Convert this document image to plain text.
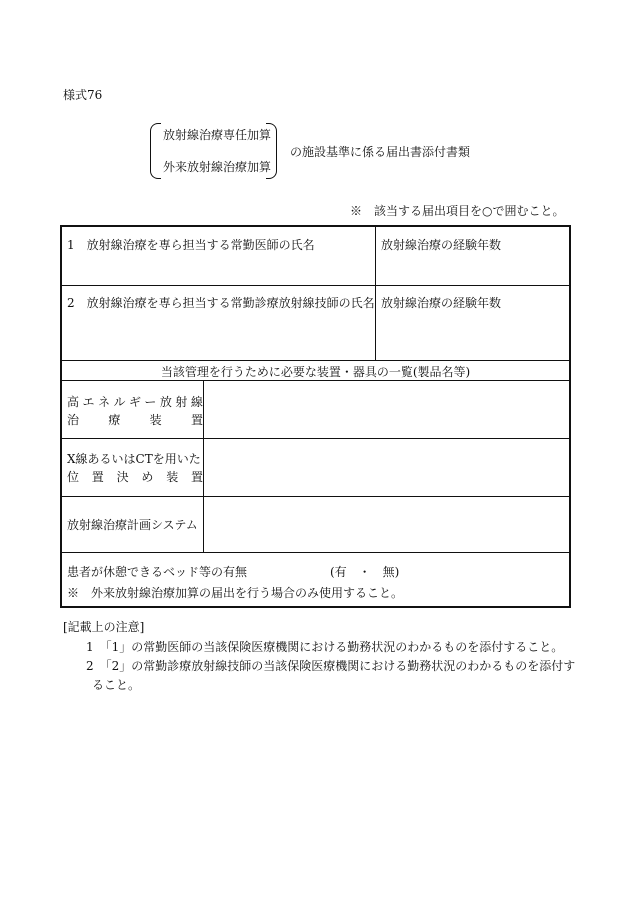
様式76
放射線治療専任加算
外来放射線治療加算
の施設基準に係る届出書添付書類
※　該当する届出項目を○で囲むこと。
1　放射線治療を専ら担当する常勤医師の氏名	放射線治療の経験年数
2　放射線治療を専ら担当する常勤診療放射線技師の氏名 放射線治療の経験年数
当該管理を行うために必要な装置・器具の一覧(製品名等)
高 エ ネ ル ギ ー 放 射 線
治 療 装 置
X線あるいはCTを用いた
位 置 決 め 装 置
放射線治療計画システム
患者が休憩できるベッド等の有無	(有　・　無)
※　外来放射線治療加算の届出を行う場合のみ使用すること。
[記載上の注意]
1　「1」の常勤医師の当該保険医療機関における勤務状況のわかるものを添付すること。
2　「2」の常勤診療放射線技師の当該保険医療機関における勤務状況のわかるものを添付す
ること。
